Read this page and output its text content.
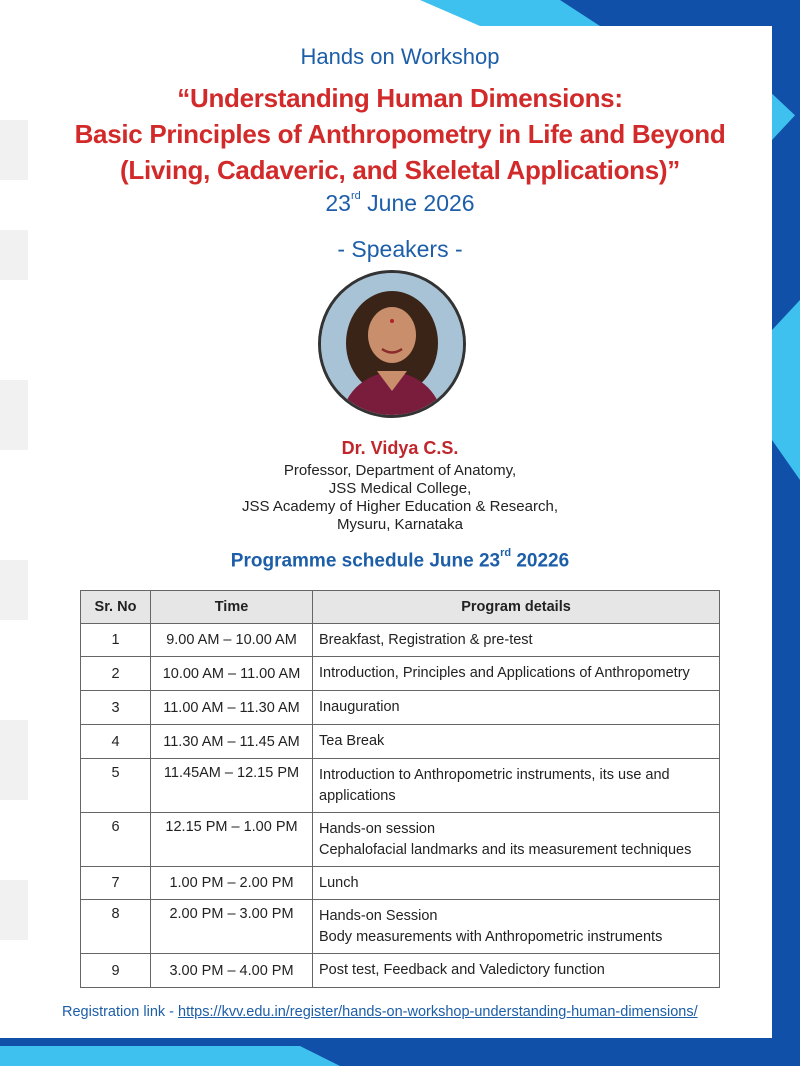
Hands on Workshop
“Understanding Human Dimensions:
Basic Principles of Anthropometry in Life and Beyond
(Living, Cadaveric, and Skeletal Applications)”
23rd June 2026
- Speakers -
Dr. Vidya C.S.
Professor, Department of Anatomy,
JSS Medical College,
JSS Academy of Higher Education & Research,
Mysuru, Karnataka
Programme schedule June 23rd 20226
Sr. No	Time	Program details
1	9.00 AM – 10.00 AM	Breakfast, Registration & pre-test

2	10.00 AM – 11.00 AM	Introduction, Principles and Applications of Anthropometry

3	11.00 AM – 11.30 AM	Inauguration

4	11.30 AM – 11.45 AM	Tea Break

5	11.45AM – 12.15 PM	Introduction to Anthropometric instruments, its use and
applications

6	12.15 PM – 1.00 PM	Hands-on session
Cephalofacial landmarks and its measurement techniques

7	1.00 PM – 2.00 PM	Lunch

8	2.00 PM – 3.00 PM	Hands-on Session
Body measurements with Anthropometric instruments

9	3.00 PM – 4.00 PM	Post test, Feedback and Valedictory function
Registration link - https://kvv.edu.in/register/hands-on-workshop-understanding-human-dimensions/
